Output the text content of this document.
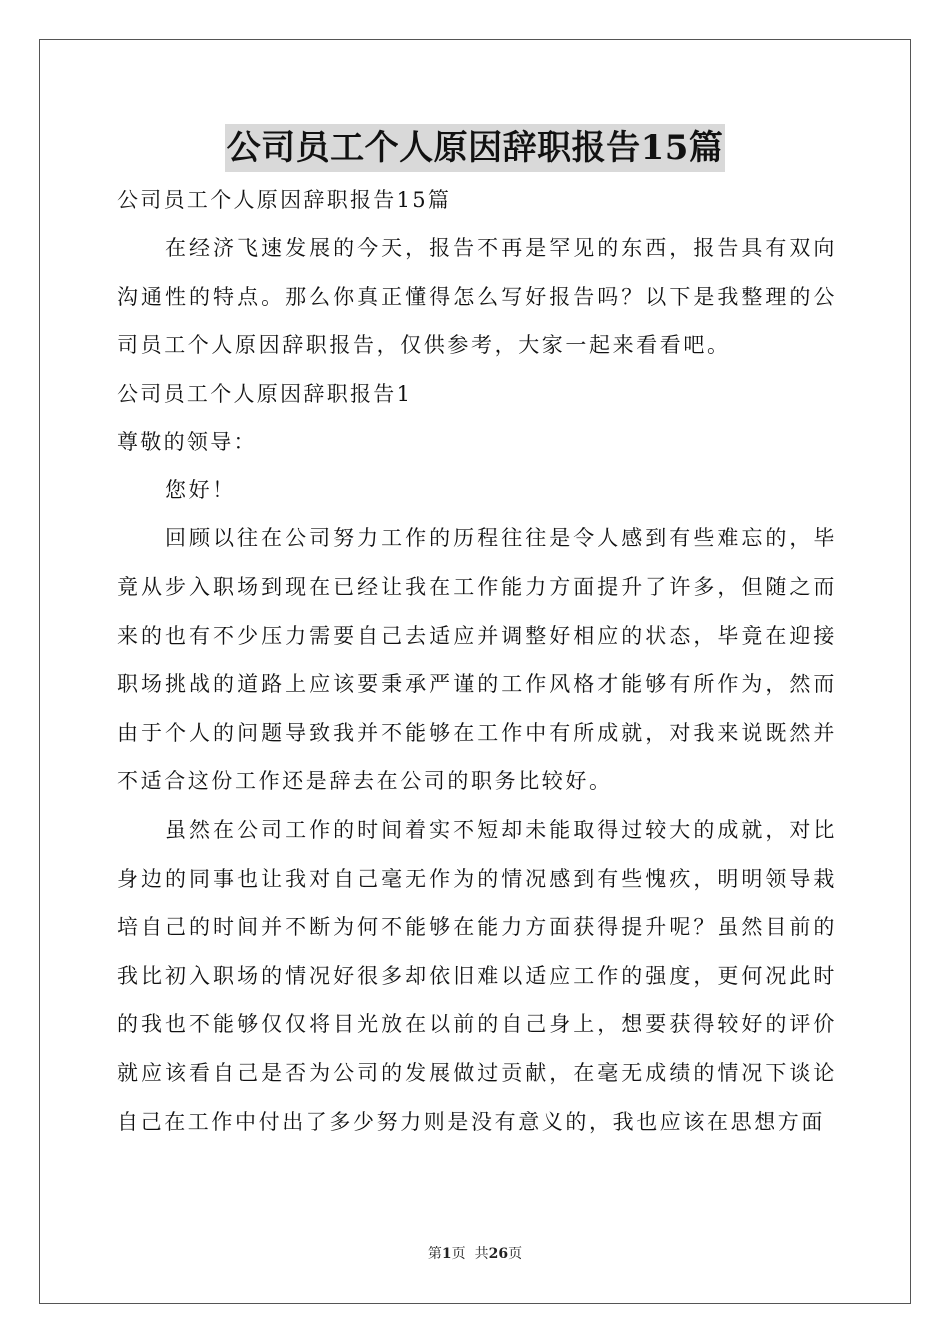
公司员工个人原因辞职报告15篇

公司员工个人原因辞职报告15篇

在经济飞速发展的今天，报告不再是罕见的东西，报告具有双向沟通性的特点。那么你真正懂得怎么写好报告吗？以下是我整理的公司员工个人原因辞职报告，仅供参考，大家一起来看看吧。

公司员工个人原因辞职报告1

尊敬的领导：

您好！

回顾以往在公司努力工作的历程往往是令人感到有些难忘的，毕竟从步入职场到现在已经让我在工作能力方面提升了许多，但随之而来的也有不少压力需要自己去适应并调整好相应的状态，毕竟在迎接职场挑战的道路上应该要秉承严谨的工作风格才能够有所作为，然而由于个人的问题导致我并不能够在工作中有所成就，对我来说既然并不适合这份工作还是辞去在公司的职务比较好。

虽然在公司工作的时间着实不短却未能取得过较大的成就，对比身边的同事也让我对自己毫无作为的情况感到有些愧疚，明明领导栽培自己的时间并不断为何不能够在能力方面获得提升呢？虽然目前的我比初入职场的情况好很多却依旧难以适应工作的强度，更何况此时的我也不能够仅仅将目光放在以前的自己身上，想要获得较好的评价就应该看自己是否为公司的发展做过贡献，在毫无成绩的情况下谈论自己在工作中付出了多少努力则是没有意义的，我也应该在思想方面

第1页  共26页
